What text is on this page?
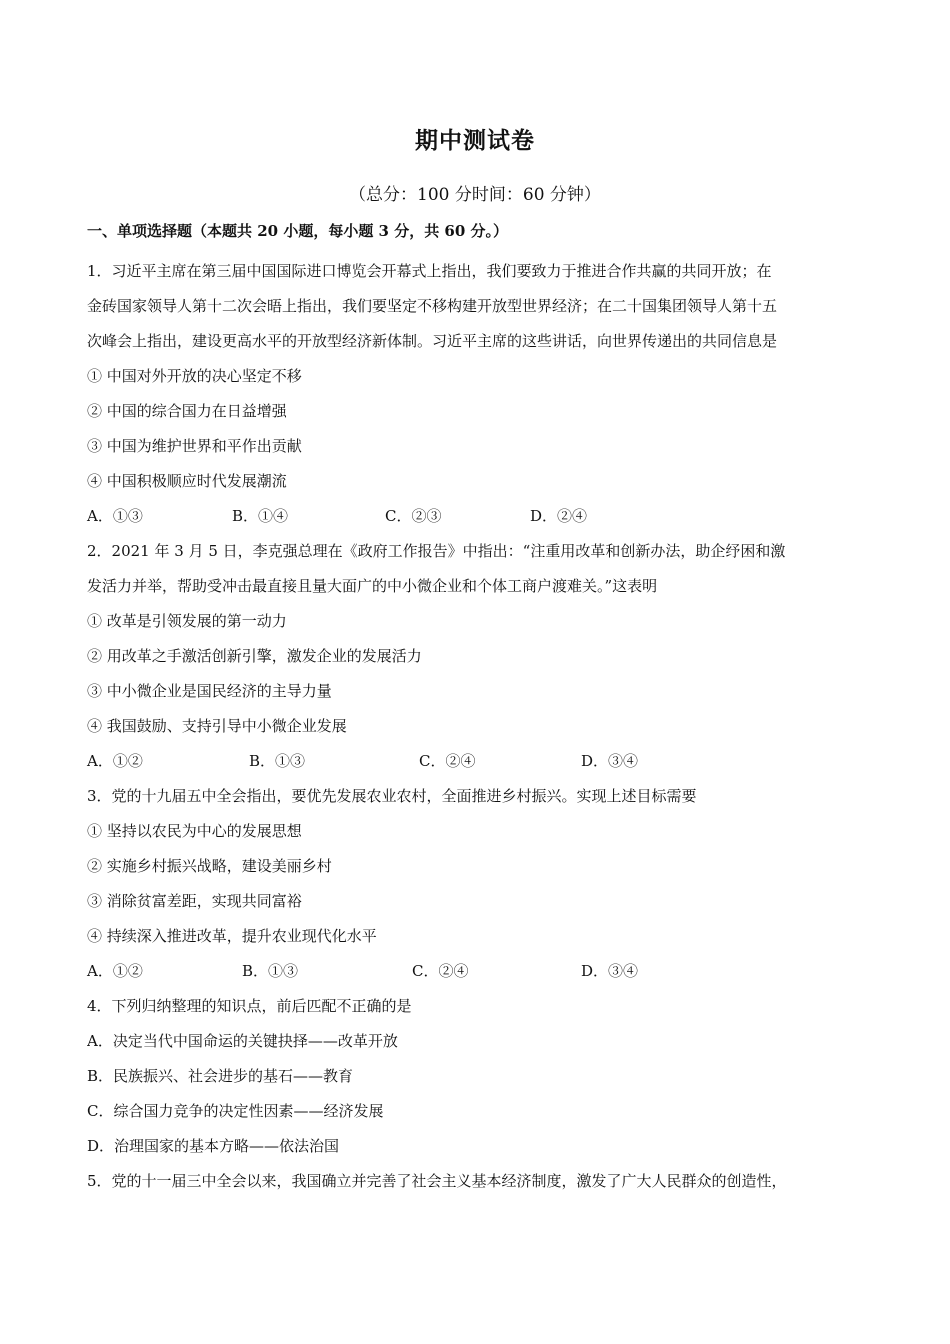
期中测试卷
（总分：100 分时间：60 分钟）
一、单项选择题（本题共 20 小题，每小题 3 分，共 60 分。）
1．习近平主席在第三届中国国际进口博览会开幕式上指出，我们要致力于推进合作共赢的共同开放；在
金砖国家领导人第十二次会晤上指出，我们要坚定不移构建开放型世界经济；在二十国集团领导人第十五
次峰会上指出，建设更高水平的开放型经济新体制。习近平主席的这些讲话，向世界传递出的共同信息是
① 中国对外开放的决心坚定不移
② 中国的综合国力在日益增强
③ 中国为维护世界和平作出贡献
④ 中国积极顺应时代发展潮流
A．①③	B．①④	C．②③	D．②④
2．2021 年 3 月 5 日，李克强总理在《政府工作报告》中指出：“注重用改革和创新办法，助企纾困和激
发活力并举，帮助受冲击最直接且量大面广的中小微企业和个体工商户渡难关。”这表明
① 改革是引领发展的第一动力
② 用改革之手激活创新引擎，激发企业的发展活力
③ 中小微企业是国民经济的主导力量
④ 我国鼓励、支持引导中小微企业发展
A．①②	B．①③	C．②④	D．③④
3．党的十九届五中全会指出，要优先发展农业农村，全面推进乡村振兴。实现上述目标需要
① 坚持以农民为中心的发展思想
② 实施乡村振兴战略，建设美丽乡村
③ 消除贫富差距，实现共同富裕
④ 持续深入推进改革，提升农业现代化水平
A．①②	B．①③	C．②④	D．③④
4．下列归纳整理的知识点，前后匹配不正确的是
A．决定当代中国命运的关键抉择——改革开放
B．民族振兴、社会进步的基石——教育
C．综合国力竞争的决定性因素——经济发展
D．治理国家的基本方略——依法治国
5．党的十一届三中全会以来，我国确立并完善了社会主义基本经济制度，激发了广大人民群众的创造性，
